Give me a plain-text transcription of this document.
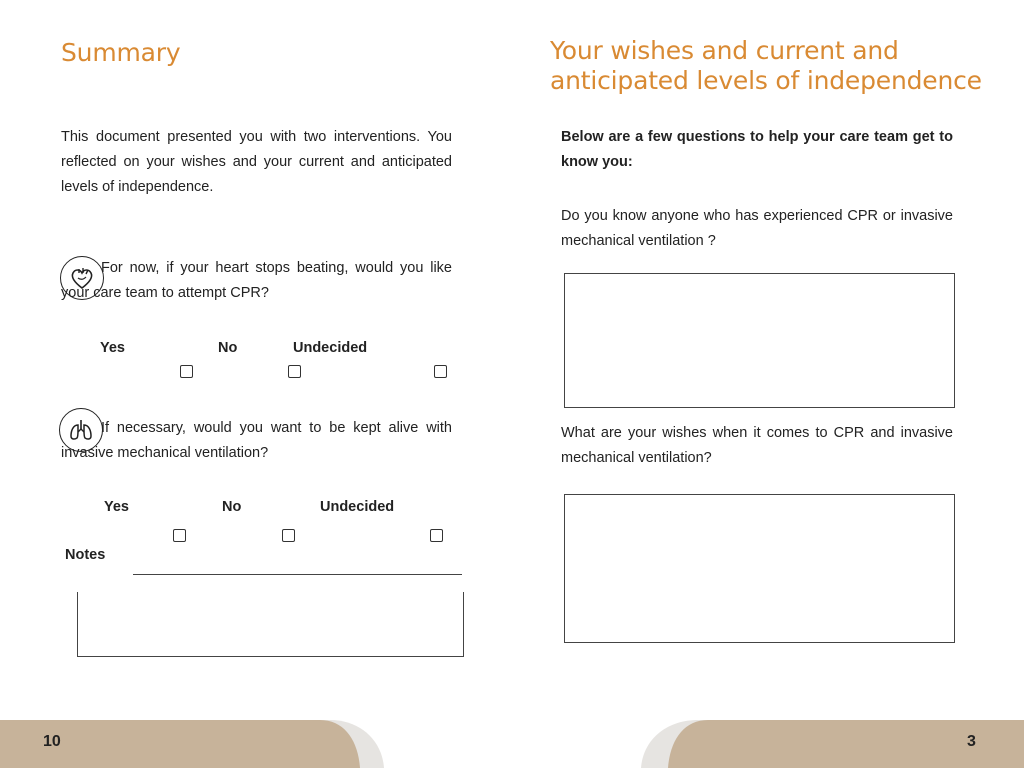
Summary
This document presented you with two interventions. You reflected on your wishes and your current and anticipated levels of independence.
For now, if your heart stops beating, would you like your care team to attempt CPR?
Yes	No	Undecided
If necessary, would you want to be kept alive with invasive mechanical ventilation?
Yes	No	Undecided
Notes
Your wishes and current and
anticipated levels of independence
Below are a few questions to help your care team get to know you:
Do you know anyone who has experienced CPR or invasive mechanical ventilation ?
What are your wishes when it comes to CPR and invasive mechanical ventilation?
10	3
